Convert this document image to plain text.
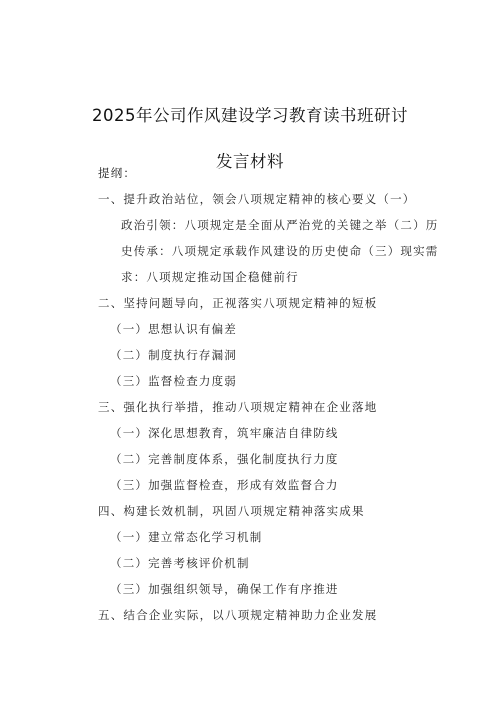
2025年公司作风建设学习教育读书班研讨
发言材料
提纲：
一、提升政治站位，领会八项规定精神的核心要义（一）
政治引领：八项规定是全面从严治党的关键之举（二）历
史传承：八项规定承载作风建设的历史使命（三）现实需
求：八项规定推动国企稳健前行
二、坚持问题导向，正视落实八项规定精神的短板
（一）思想认识有偏差
（二）制度执行存漏洞
（三）监督检查力度弱
三、强化执行举措，推动八项规定精神在企业落地
（一）深化思想教育，筑牢廉洁自律防线
（二）完善制度体系，强化制度执行力度
（三）加强监督检查，形成有效监督合力
四、构建长效机制，巩固八项规定精神落实成果
（一）建立常态化学习机制
（二）完善考核评价机制
（三）加强组织领导，确保工作有序推进
五、结合企业实际，以八项规定精神助力企业发展
